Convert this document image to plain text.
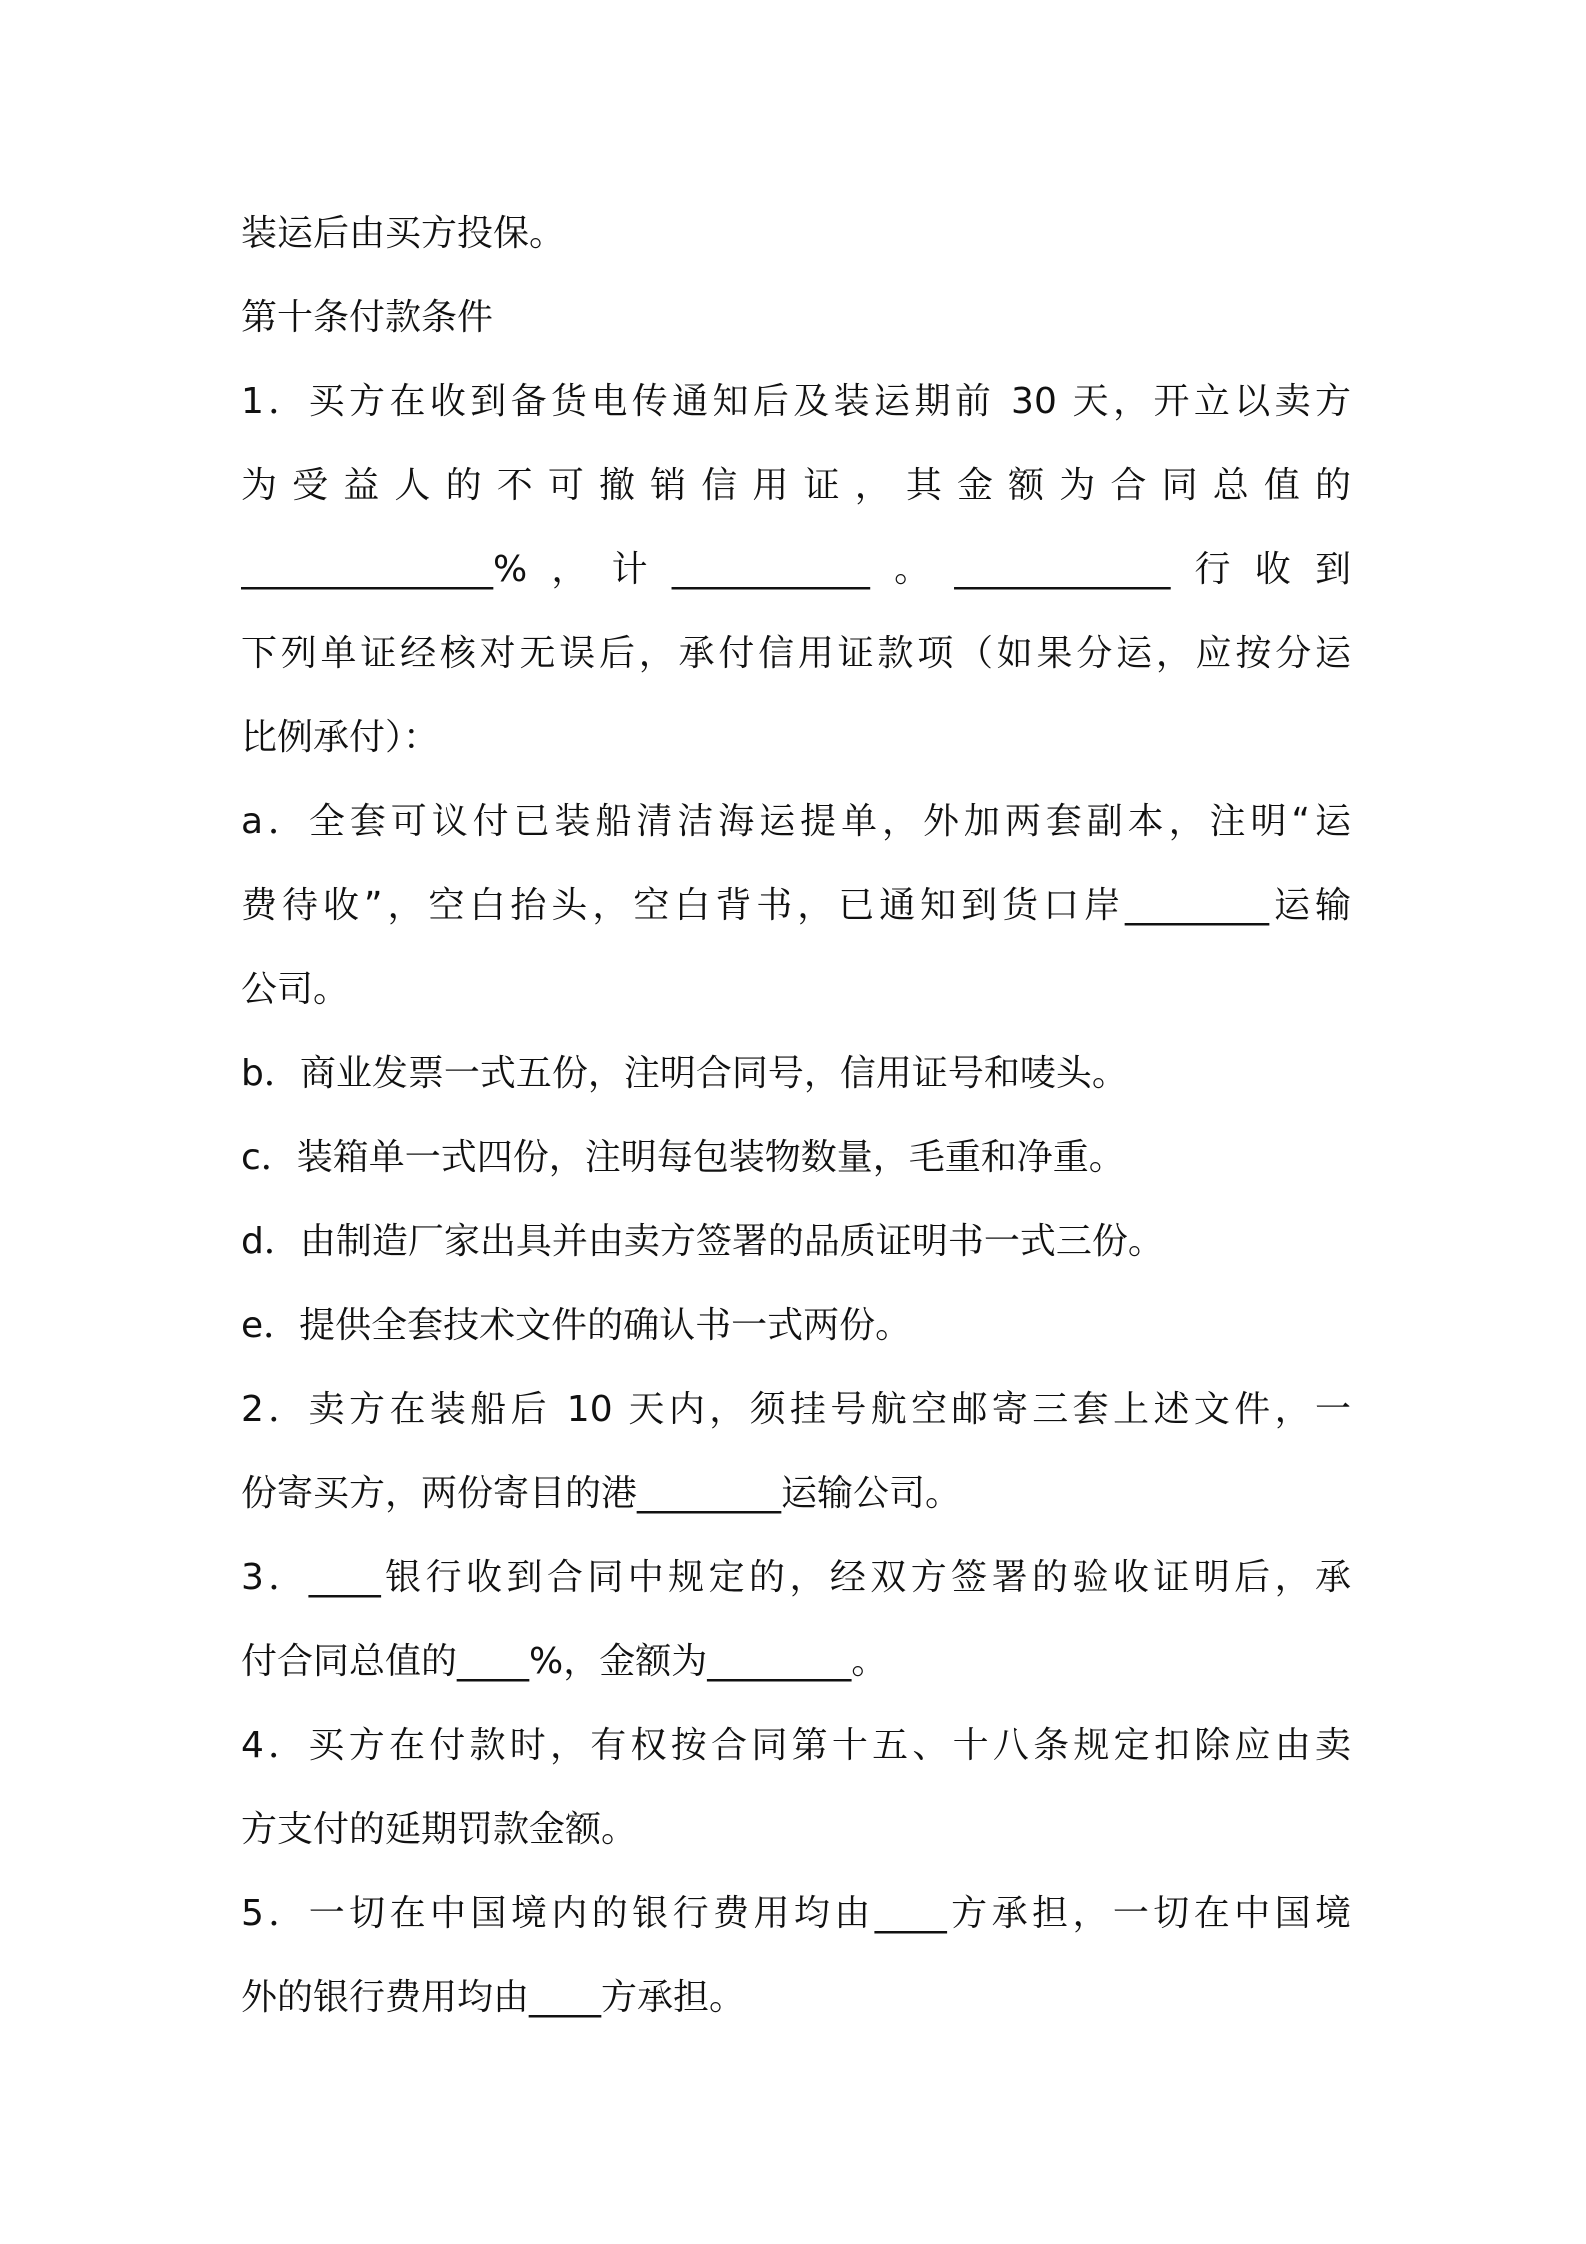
装运后由买方投保。
第十条付款条件
1．买方在收到备货电传通知后及装运期前 30 天，开立以卖方
为 受 益 人 的 不 可 撤 销 信 用 证 ， 其 金 额 为 合 同 总 值 的
______________%，计___________。____________行收到
下列单证经核对无误后，承付信用证款项（如果分运，应按分运
比例承付）：
a．全套可议付已装船清洁海运提单，外加两套副本，注明“运
费待收”，空白抬头，空白背书，已通知到货口岸________运输
公司。
b．商业发票一式五份，注明合同号，信用证号和唛头。
c．装箱单一式四份，注明每包装物数量，毛重和净重。
d．由制造厂家出具并由卖方签署的品质证明书一式三份。
e．提供全套技术文件的确认书一式两份。
2．卖方在装船后 10 天内，须挂号航空邮寄三套上述文件，一
份寄买方，两份寄目的港________运输公司。
3．____银行收到合同中规定的，经双方签署的验收证明后，承
付合同总值的____%，金额为________。
4．买方在付款时，有权按合同第十五、十八条规定扣除应由卖
方支付的延期罚款金额。
5．一切在中国境内的银行费用均由____方承担，一切在中国境
外的银行费用均由____方承担。
